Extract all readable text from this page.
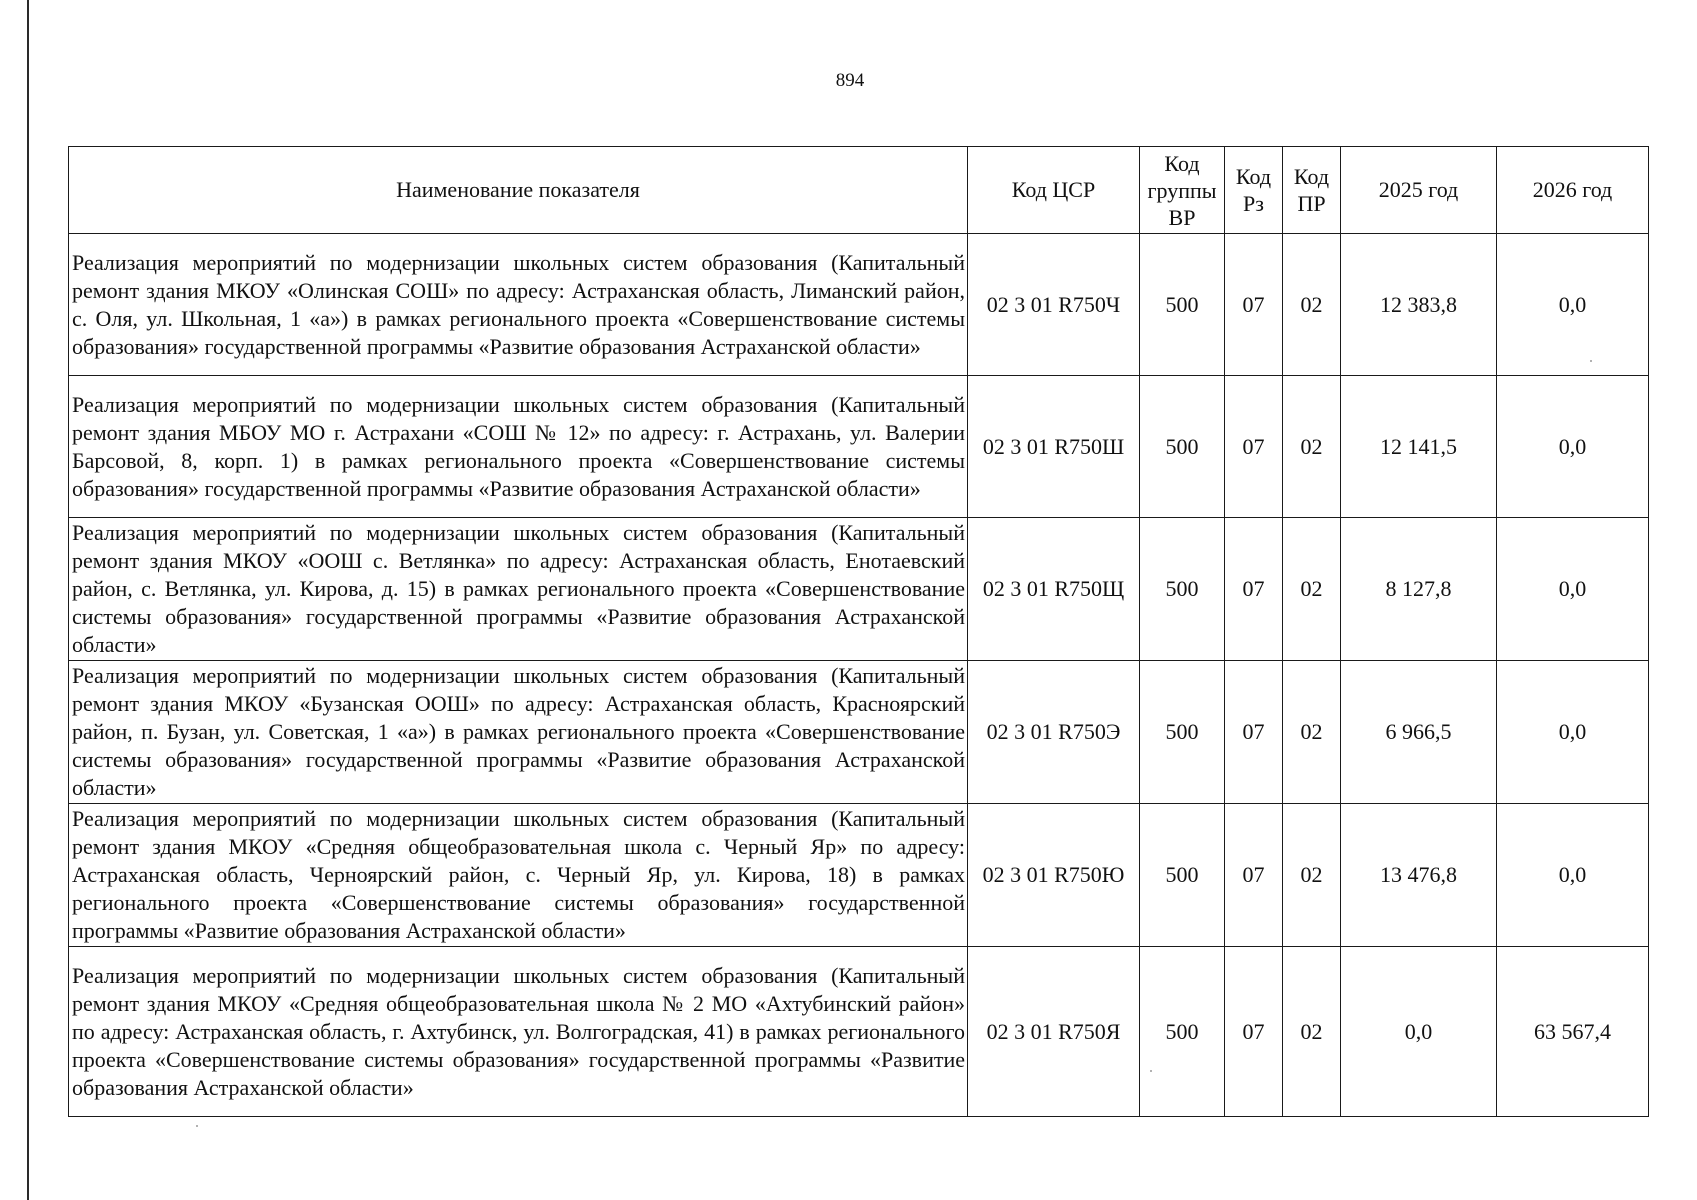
894
Наименование показателя	Код ЦСР	Код группы ВР	Код Рз	Код ПР	2025 год	2026 год
Реализация мероприятий по модернизации школьных систем образования (Капитальный ремонт здания МКОУ «Олинская СОШ» по адресу: Астраханская область, Лиманский район, с. Оля, ул. Школьная, 1 «а») в рамках регионального проекта «Совершенствование системы образования» государственной программы «Развитие образования Астраханской области»	02 3 01 R750Ч	500	07	02	12 383,8	0,0
Реализация мероприятий по модернизации школьных систем образования (Капитальный ремонт здания МБОУ МО г. Астрахани «СОШ № 12» по адресу: г. Астрахань, ул. Валерии Барсовой, 8, корп. 1) в рамках регионального проекта «Совершенствование системы образования» государственной программы «Развитие образования Астраханской области»	02 3 01 R750Ш	500	07	02	12 141,5	0,0
Реализация мероприятий по модернизации школьных систем образования (Капитальный ремонт здания МКОУ «ООШ с. Ветлянка» по адресу: Астраханская область, Енотаевский район, с. Ветлянка, ул. Кирова, д. 15) в рамках регионального проекта «Совершенствование системы образования» государственной программы «Развитие образования Астраханской области»	02 3 01 R750Щ	500	07	02	8 127,8	0,0
Реализация мероприятий по модернизации школьных систем образования (Капитальный ремонт здания МКОУ «Бузанская ООШ» по адресу: Астраханская область, Красноярский район, п. Бузан, ул. Советская, 1 «а») в рамках регионального проекта «Совершенствование системы образования» государственной программы «Развитие образования Астраханской области»	02 3 01 R750Э	500	07	02	6 966,5	0,0
Реализация мероприятий по модернизации школьных систем образования (Капитальный ремонт здания МКОУ «Средняя общеобразовательная школа с. Черный Яр» по адресу: Астраханская область, Черноярский район, с. Черный Яр, ул. Кирова, 18) в рамках регионального проекта «Совершенствование системы образования» государственной программы «Развитие образования Астраханской области»	02 3 01 R750Ю	500	07	02	13 476,8	0,0
Реализация мероприятий по модернизации школьных систем образования (Капитальный ремонт здания МКОУ «Средняя общеобразовательная школа № 2 МО «Ахтубинский район» по адресу: Астраханская область, г. Ахтубинск, ул. Волгоградская, 41) в рамках регионального проекта «Совершенствование системы образования» государственной программы «Развитие образования Астраханской области»	02 3 01 R750Я	500	07	02	0,0	63 567,4
